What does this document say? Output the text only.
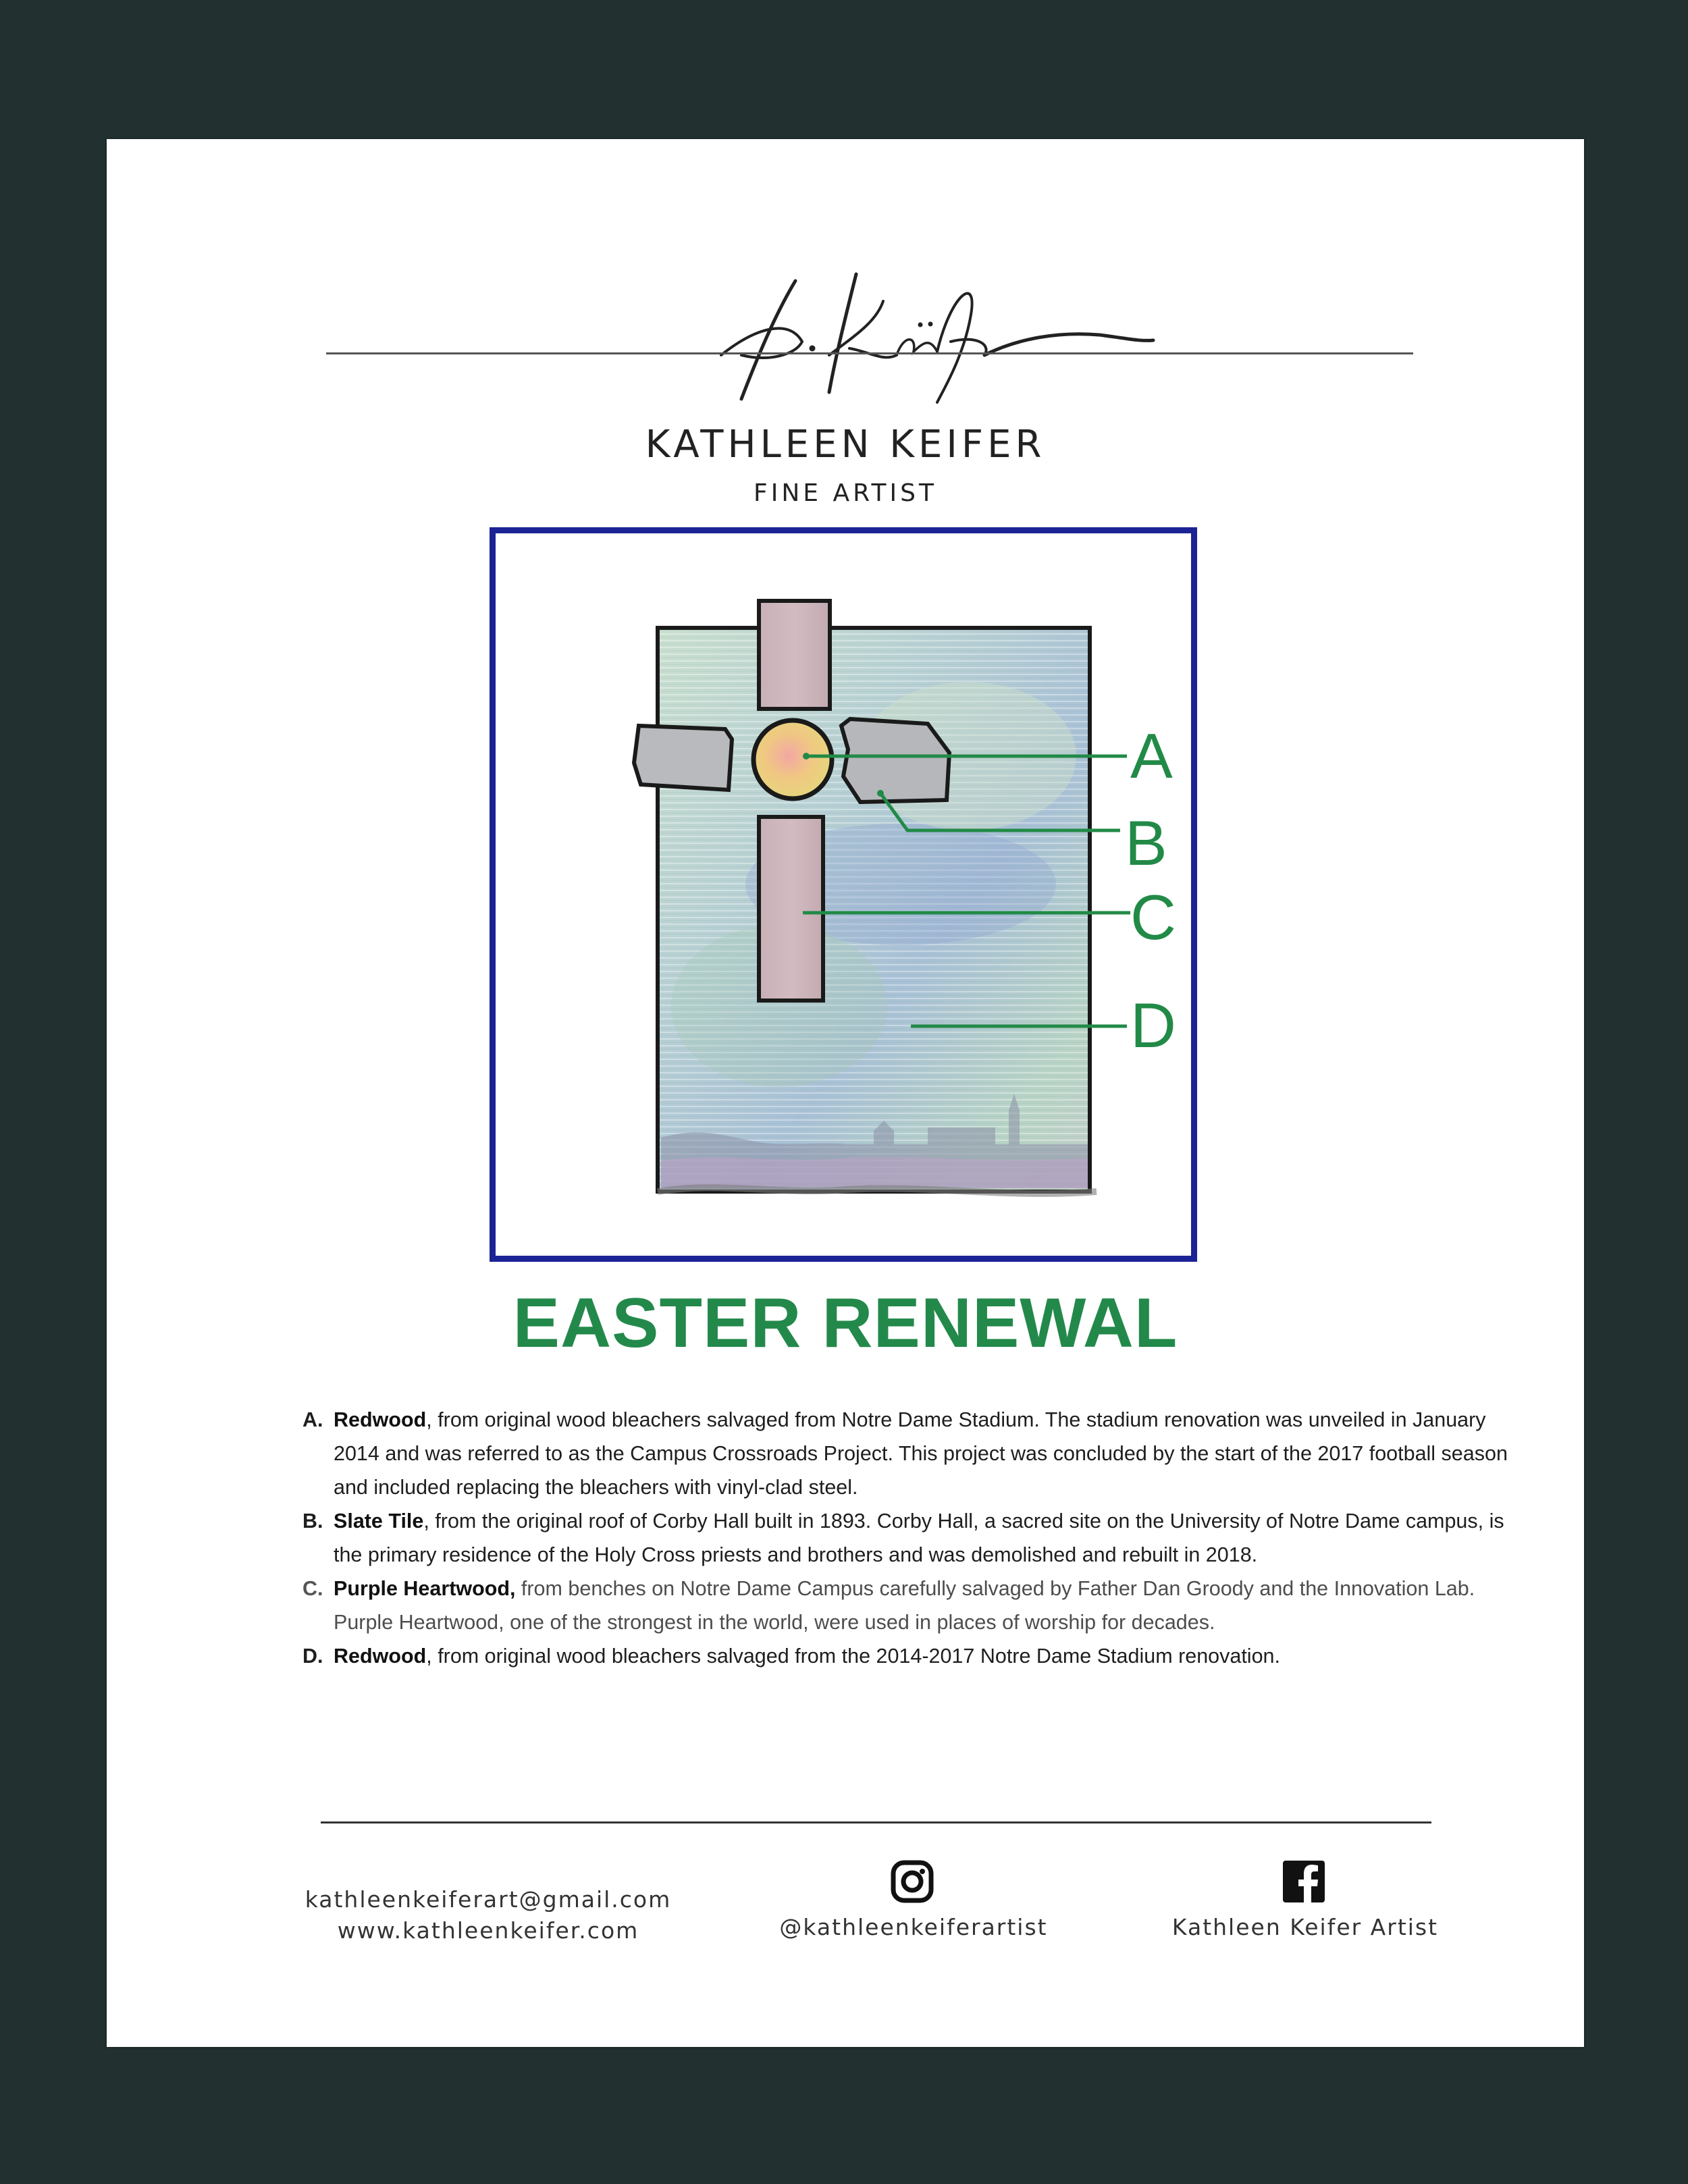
KATHLEEN KEIFER
FINE ARTIST
A
B
C
D
EASTER RENEWAL

A. Redwood, from original wood bleachers salvaged from Notre Dame Stadium. The stadium renovation was unveiled in January 2014 and was referred to as the Campus Crossroads Project. This project was concluded by the start of the 2017 football season and included replacing the bleachers with vinyl-clad steel.

B. Slate Tile, from the original roof of Corby Hall built in 1893. Corby Hall, a sacred site on the University of Notre Dame campus, is the primary residence of the Holy Cross priests and brothers and was demolished and rebuilt in 2018.

C. Purple Heartwood, from benches on Notre Dame Campus carefully salvaged by Father Dan Groody and the Innovation Lab. Purple Heartwood, one of the strongest in the world, were used in places of worship for decades.

D. Redwood, from original wood bleachers salvaged from the 2014-2017 Notre Dame Stadium renovation.

kathleenkeiferart@gmail.com
www.kathleenkeifer.com	@kathleenkeiferartist	Kathleen Keifer Artist
